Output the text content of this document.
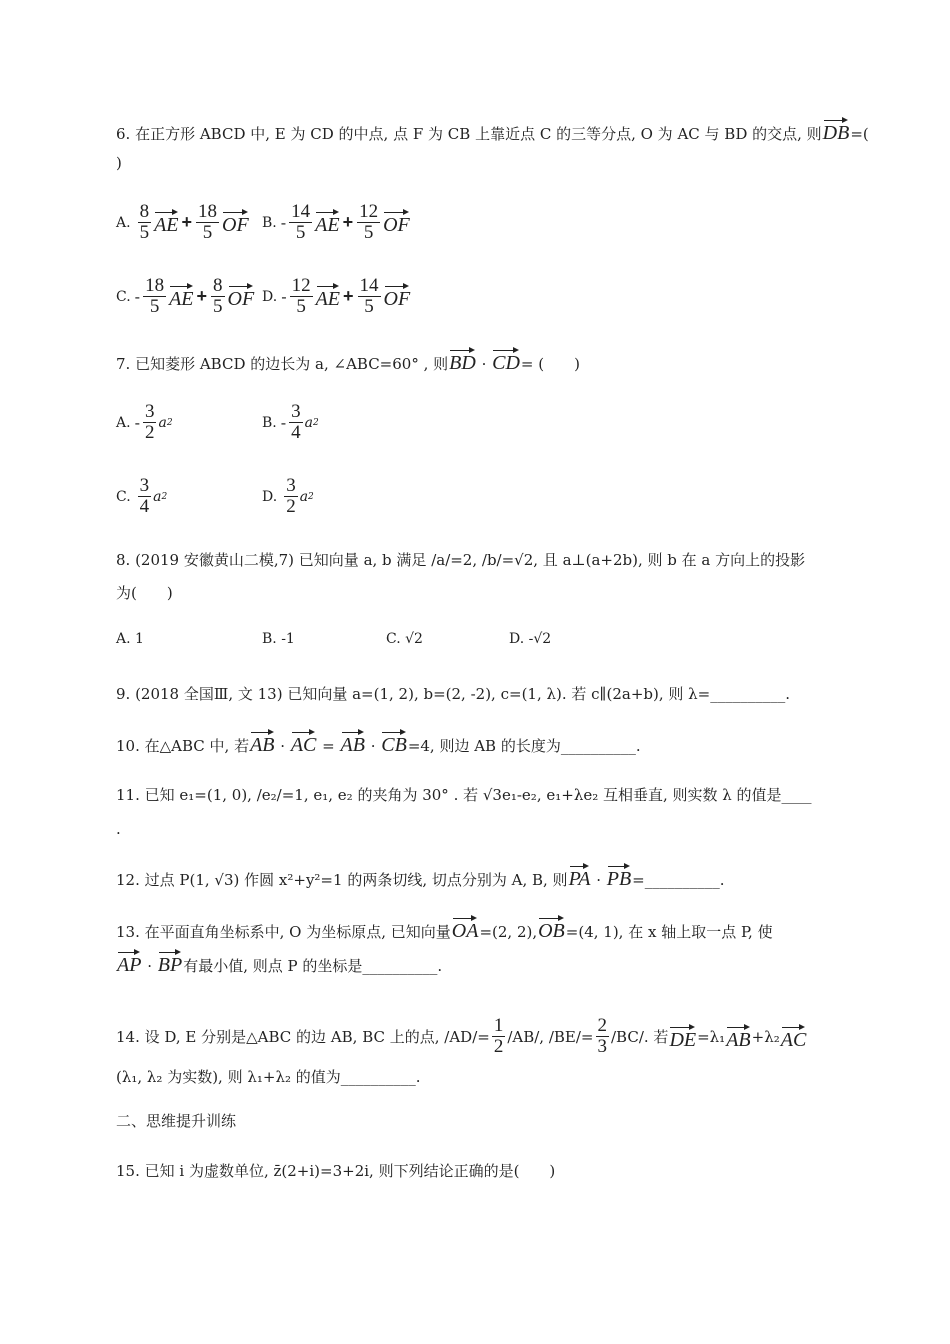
6. 在正方形 ABCD 中, E 为 CD 的中点, 点 F 为 CB 上靠近点 C 的三等分点, O 为 AC 与 BD 的交点, 则DB=(
)
A. $\frac{8}{5}$ AE + $\frac{18}{5}$ OF B. - $\frac{14}{5}$ AE + $\frac{12}{5}$ OF
C. - $\frac{18}{5}$ AE + $\frac{8}{5}$ OF D. - $\frac{12}{5}$ AE + $\frac{14}{5}$ OF
7. 已知菱形 ABCD 的边长为 a, ∠ABC=60° , 则BD · CD= (　　)
A. - $\frac{3}{2}$ a 2	B. - $\frac{3}{4}$ a 2
C. $\frac{3}{4}$ a 2	D. $\frac{3}{2}$ a 2
8. (2019 安徽黄山二模,7) 已知向量 a, b 满足 /a/=2, /b/=√2, 且 a⊥(a+2b), 则 b 在 a 方向上的投影
为(　　)
A. 1	B. -1	C. √2	D. -√2
9. (2018 全国Ⅲ, 文 13) 已知向量 a=(1, 2), b=(2, -2), c=(1, λ). 若 c∥(2a+b), 则 λ=__________.
10. 在△ABC 中, 若AB · AC = AB · CB=4, 则边 AB 的长度为__________.
11. 已知 e₁=(1, 0), /e₂/=1, e₁, e₂ 的夹角为 30° . 若 √3e₁-e₂, e₁+λe₂ 互相垂直, 则实数 λ 的值是____
.
12. 过点 P(1, √3) 作圆 x²+y²=1 的两条切线, 切点分别为 A, B, 则PA · PB=__________.
13. 在平面直角坐标系中, O 为坐标原点, 已知向量OA=(2, 2),OB=(4, 1), 在 x 轴上取一点 P, 使
AP · BP有最小值, 则点 P 的坐标是__________.
14. 设 D, E 分别是△ABC 的边 AB, BC 上的点, $/AD/= \frac{1}{2} /AB/$, $/BE/= \frac{2}{3} /BC/$. 若 DE =λ₁ AB +λ₂ AC
(λ₁, λ₂ 为实数), 则 λ₁+λ₂ 的值为__________.
二、思维提升训练
15. 已知 i 为虚数单位, z̄(2+i)=3+2i, 则下列结论正确的是(　　)
